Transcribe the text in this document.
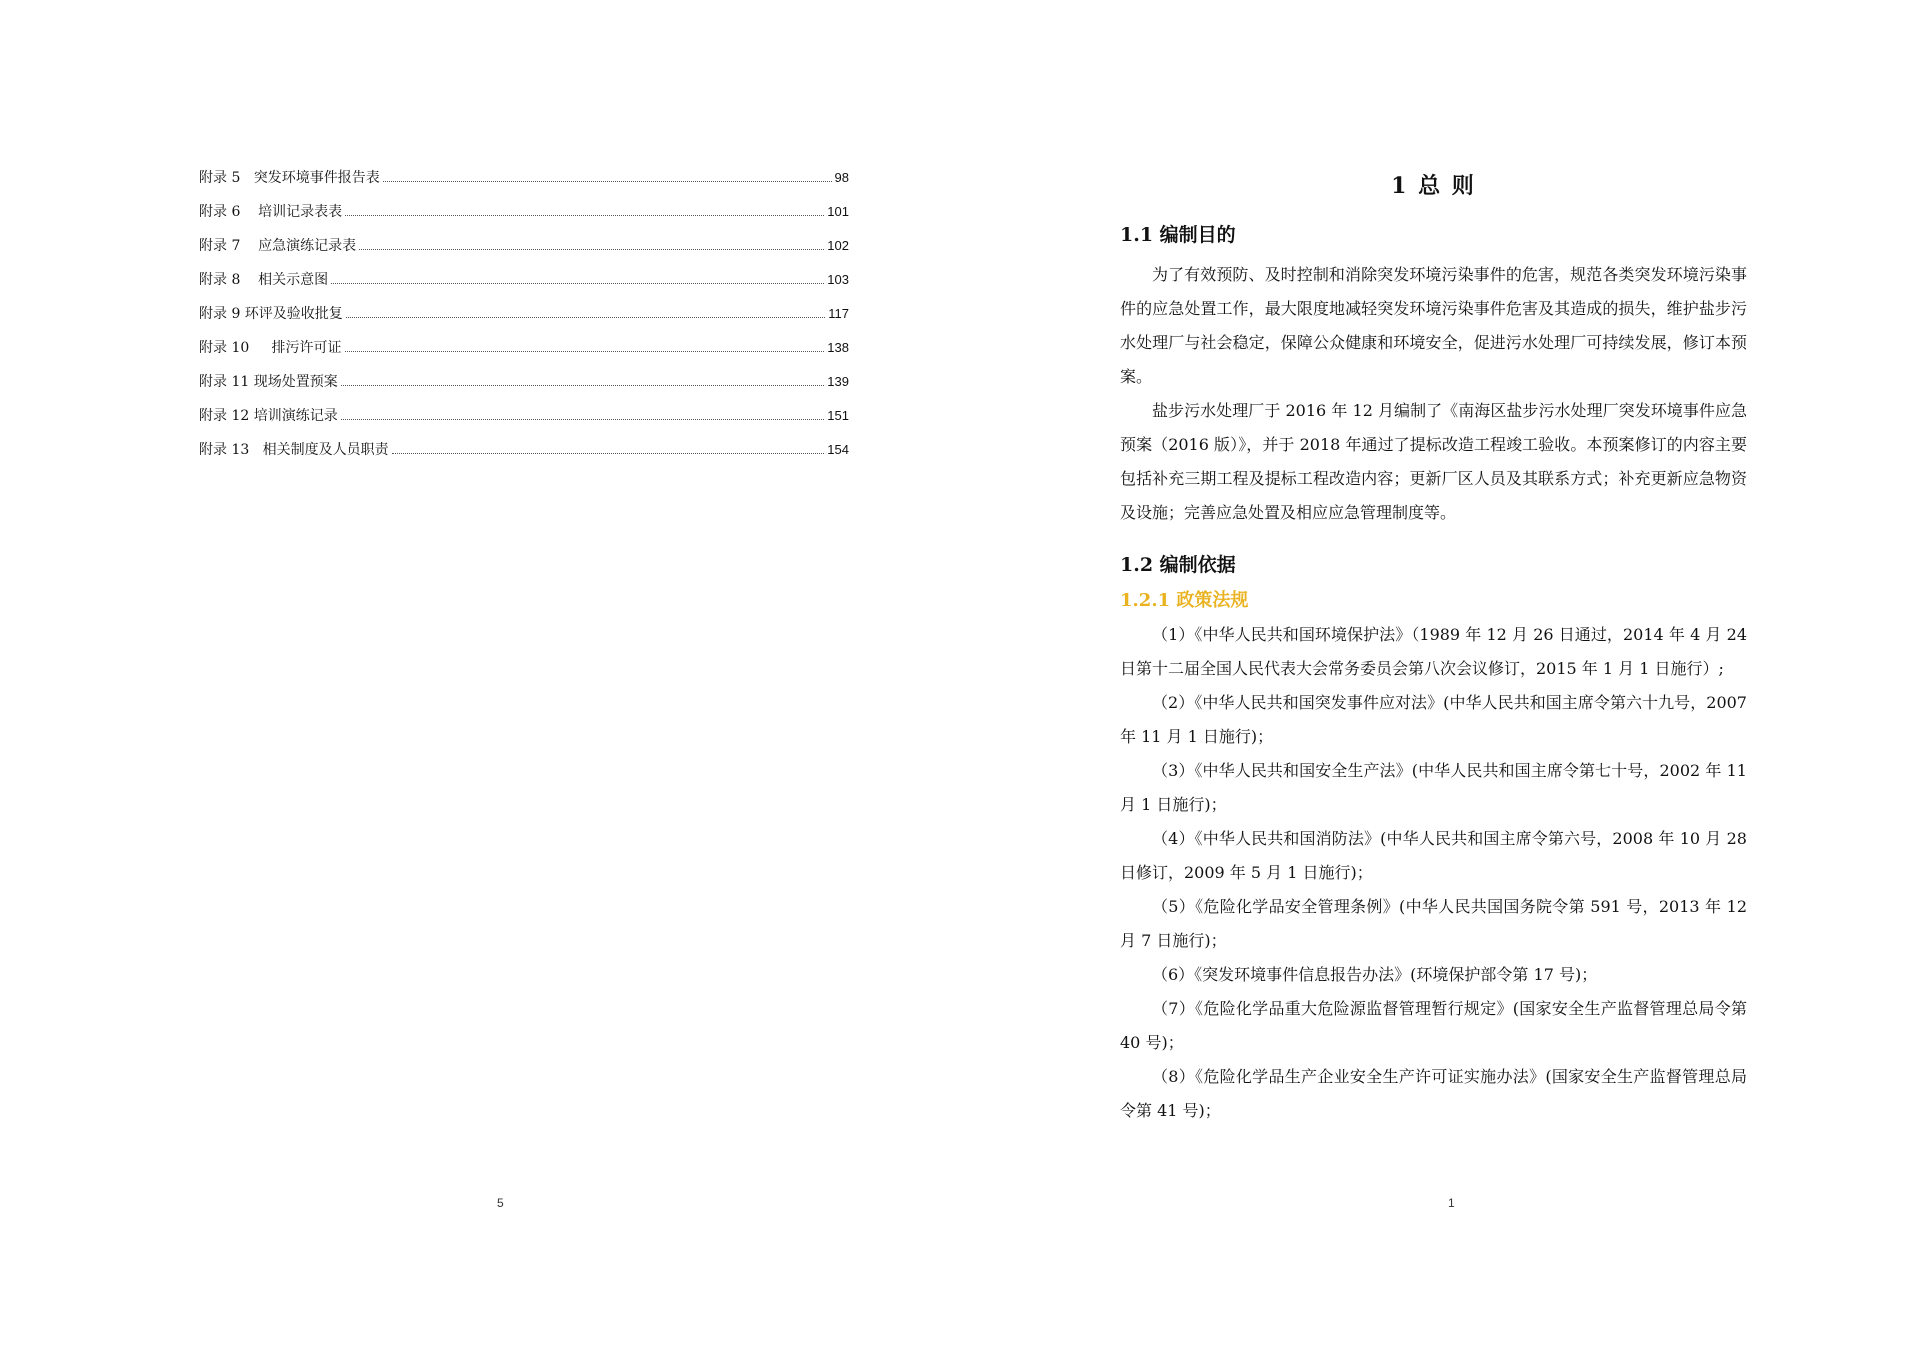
附录 5   突发环境事件报告表	98
附录 6    培训记录表表	101
附录 7    应急演练记录表	102
附录 8    相关示意图	103
附录 9 环评及验收批复	117
附录 10     排污许可证	138
附录 11 现场处置预案	139
附录 12 培训演练记录	151
附录 13   相关制度及人员职责	154
5
1 总 则
1.1 编制目的

为了有效预防、及时控制和消除突发环境污染事件的危害，规范各类突发环境污染事件的应急处置工作，最大限度地减轻突发环境污染事件危害及其造成的损失，维护盐步污水处理厂与社会稳定，保障公众健康和环境安全，促进污水处理厂可持续发展，修订本预案。

盐步污水处理厂于 2016 年 12 月编制了《南海区盐步污水处理厂突发环境事件应急预案（2016 版）》，并于 2018 年通过了提标改造工程竣工验收。本预案修订的内容主要包括补充三期工程及提标工程改造内容；更新厂区人员及其联系方式；补充更新应急物资及设施；完善应急处置及相应应急管理制度等。

1.2 编制依据
1.2.1 政策法规

（1）《中华人民共和国环境保护法》（1989 年 12 月 26 日通过，2014 年 4 月 24 日第十二届全国人民代表大会常务委员会第八次会议修订，2015 年 1 月 1 日施行）;

（2）《中华人民共和国突发事件应对法》(中华人民共和国主席令第六十九号，2007 年 11 月 1 日施行)；

（3）《中华人民共和国安全生产法》(中华人民共和国主席令第七十号，2002 年 11 月 1 日施行)；

（4）《中华人民共和国消防法》(中华人民共和国主席令第六号，2008 年 10 月 28 日修订，2009 年 5 月 1 日施行)；

（5）《危险化学品安全管理条例》(中华人民共国国务院令第 591 号，2013 年 12 月 7 日施行)；

（6）《突发环境事件信息报告办法》(环境保护部令第 17 号)；

（7）《危险化学品重大危险源监督管理暂行规定》(国家安全生产监督管理总局令第 40 号)；

（8）《危险化学品生产企业安全生产许可证实施办法》(国家安全生产监督管理总局令第 41 号)；

1
